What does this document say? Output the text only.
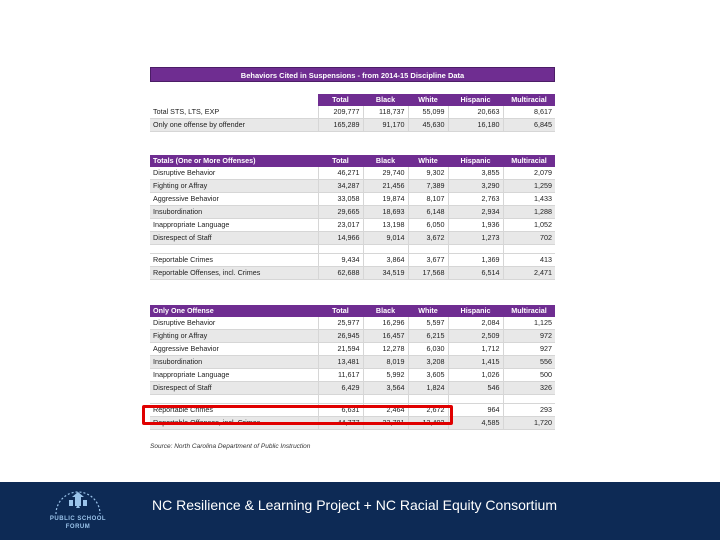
Behaviors Cited in Suspensions - from 2014-15 Discipline Data
	Total	Black	White	Hispanic	Multiracial
Total STS, LTS, EXP	209,777	118,737	55,099	20,663	8,617
Only one offense by offender	165,289	91,170	45,630	16,180	6,845
Totals (One or More Offenses)	Total	Black	White	Hispanic	Multiracial
Disruptive Behavior	46,271	29,740	9,302	3,855	2,079
Fighting or Affray	34,287	21,456	7,389	3,290	1,259
Aggressive Behavior	33,058	19,874	8,107	2,763	1,433
Insubordination	29,665	18,693	6,148	2,934	1,288
Inappropriate Language	23,017	13,198	6,050	1,936	1,052
Disrespect of Staff	14,966	9,014	3,672	1,273	702

Reportable Crimes	9,434	3,864	3,677	1,369	413
Reportable Offenses, incl. Crimes	62,688	34,519	17,568	6,514	2,471
Only One Offense	Total	Black	White	Hispanic	Multiracial
Disruptive Behavior	25,977	16,296	5,597	2,084	1,125
Fighting or Affray	26,945	16,457	6,215	2,509	972
Aggressive Behavior	21,594	12,278	6,030	1,712	927
Insubordination	13,481	8,019	3,208	1,415	556
Inappropriate Language	11,617	5,992	3,605	1,026	500
Disrespect of Staff	6,429	3,564	1,824	546	326

Reportable Crimes	6,631	2,464	2,672	964	293
Reportable Offenses, incl. Crimes	44,777	23,781	13,402	4,585	1,720
Source: North Carolina Department of Public Instruction
PUBLIC SCHOOL
FORUM
NC Resilience & Learning Project + NC Racial Equity Consortium
